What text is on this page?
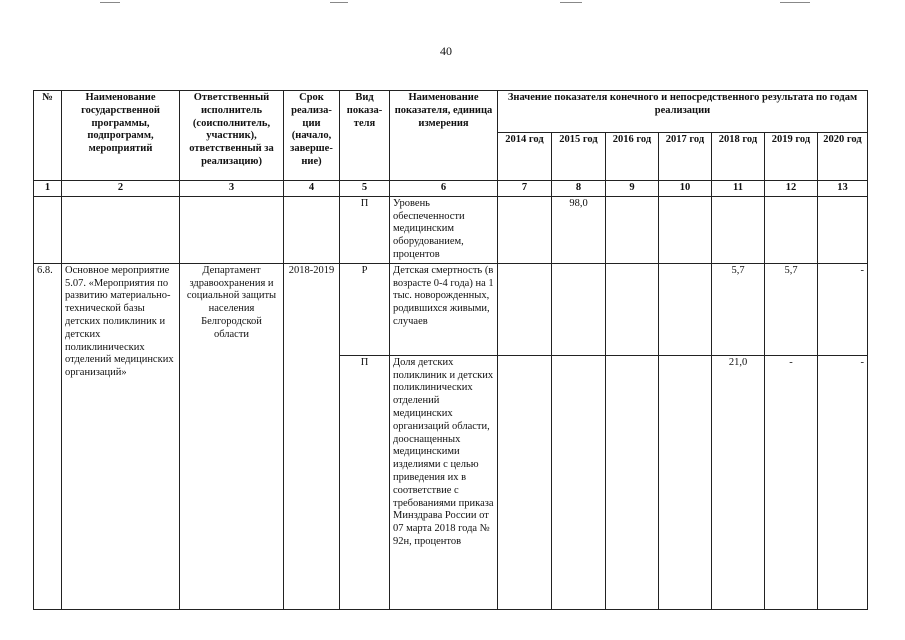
40
№	Наименование государственной программы, подпрограмм, мероприятий	Ответственный исполнитель (соисполнитель, участник), ответственный за реализацию)	Срок реализа-ции (начало, заверше-ние)	Вид показа-теля	Наименование показателя, единица измерения	Значение показателя конечного и непосредственного результата по годам реализации						
						2014 год	2015 год	2016 год	2017 год	2018 год	2019 год	2020 год
1	2	3	4	5	6	7	8	9	10	11	12	13
				П	Уровень обеспеченности медицинским оборудованием, процентов		98,0					
6.8.	Основное мероприятие 5.07. «Мероприятия по развитию материально-технической базы детских поликлиник и детских поликлинических отделений медицинских организаций»	Департамент здравоохранения и социальной защиты населения Белгородской области	2018-2019	Р	Детская смертность (в возрасте 0-4 года) на 1 тыс. новорожденных, родившихся живыми, случаев					5,7	5,7	-
				П	Доля детских поликлиник и детских поликлинических отделений медицинских организаций области, дооснащенных медицинскими изделиями с целью приведения их в соответствие с требованиями приказа Минздрава России от 07 марта 2018 года № 92н, процентов					21,0	-	-
